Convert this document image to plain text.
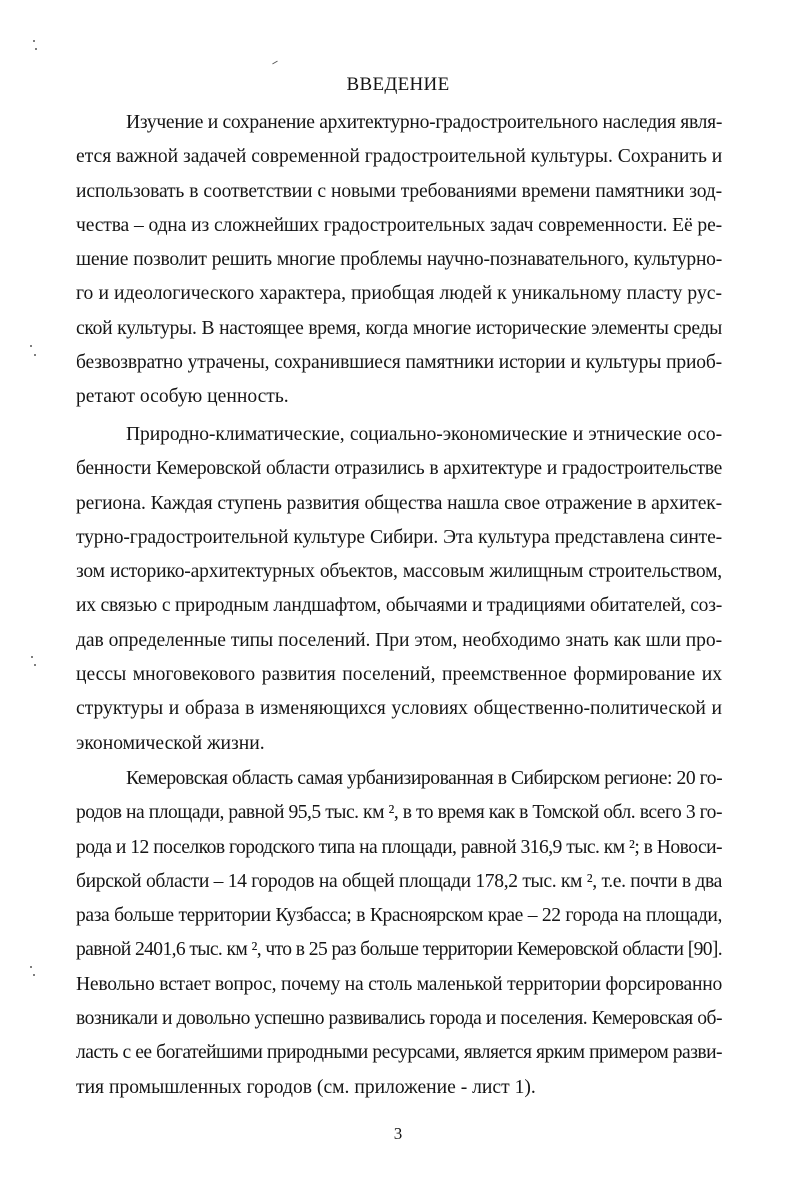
ВВЕДЕНИЕ
Изучение и сохранение архитектурно-градостроительного наследия явля-
ется важной задачей современной градостроительной культуры. Сохранить и
использовать в соответствии с новыми требованиями времени памятники зод-
чества – одна из сложнейших градостроительных задач современности. Её ре-
шение позволит решить многие проблемы научно-познавательного, культурно-
го и идеологического характера, приобщая людей к уникальному пласту рус-
ской культуры. В настоящее время, когда многие исторические элементы среды
безвозвратно утрачены, сохранившиеся памятники истории и культуры приоб-
ретают особую ценность.
Природно-климатические, социально-экономические и этнические осо-
бенности Кемеровской области отразились в архитектуре и градостроительстве
региона. Каждая ступень развития общества нашла свое отражение в архитек-
турно-градостроительной культуре Сибири. Эта культура представлена синте-
зом историко-архитектурных объектов, массовым жилищным строительством,
их связью с природным ландшафтом, обычаями и традициями обитателей, соз-
дав определенные типы поселений. При этом, необходимо знать как шли про-
цессы многовекового развития поселений, преемственное формирование их
структуры и образа в изменяющихся условиях общественно-политической и
экономической жизни.
Кемеровская область самая урбанизированная в Сибирском регионе: 20 го-
родов на площади, равной 95,5 тыс. км ², в то время как в Томской обл. всего 3 го-
рода и 12 поселков городского типа на площади, равной 316,9 тыс. км ²; в Новоси-
бирской области – 14 городов на общей площади 178,2 тыс. км ², т.е. почти в два
раза больше территории Кузбасса; в Красноярском крае – 22 города на площади,
равной 2401,6 тыс. км ², что в 25 раз больше территории Кемеровской области [90].
Невольно встает вопрос, почему на столь маленькой территории форсированно
возникали и довольно успешно развивались города и поселения. Кемеровская об-
ласть с ее богатейшими природными ресурсами, является ярким примером разви-
тия промышленных городов (см. приложение - лист 1).
3
